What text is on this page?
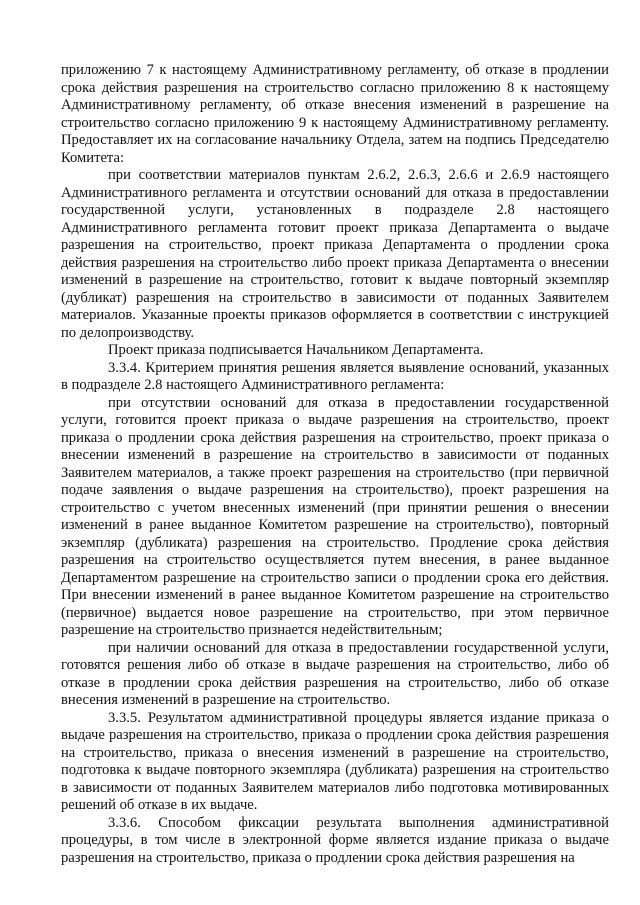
приложению 7 к настоящему Административному регламенту, об отказе в продлении срока действия разрешения на строительство согласно приложению 8 к настоящему Административному регламенту, об отказе внесения изменений в разрешение на строительство согласно приложению 9 к настоящему Административному регламенту. Предоставляет их на согласование начальнику Отдела, затем на подпись Председателю Комитета:

при соответствии материалов пунктам 2.6.2, 2.6.3, 2.6.6 и 2.6.9 настоящего Административного регламента и отсутствии оснований для отказа в предоставлении государственной услуги, установленных в подразделе 2.8 настоящего Административного регламента готовит проект приказа Департамента о выдаче разрешения на строительство, проект приказа Департамента о продлении срока действия разрешения на строительство либо проект приказа Департамента о внесении изменений в разрешение на строительство, готовит к выдаче повторный экземпляр (дубликат) разрешения на строительство в зависимости от поданных Заявителем материалов. Указанные проекты приказов оформляется в соответствии с инструкцией по делопроизводству.

Проект приказа подписывается Начальником Департамента.

3.3.4. Критерием принятия решения является выявление оснований, указанных в подразделе 2.8 настоящего Административного регламента:

при отсутствии оснований для отказа в предоставлении государственной услуги, готовится проект приказа о выдаче разрешения на строительство, проект приказа о продлении срока действия разрешения на строительство, проект приказа о внесении изменений в разрешение на строительство в зависимости от поданных Заявителем материалов, а также проект разрешения на строительство (при первичной подаче заявления о выдаче разрешения на строительство), проект разрешения на строительство с учетом внесенных изменений (при принятии решения о внесении изменений в ранее выданное Комитетом разрешение на строительство), повторный экземпляр (дубликата) разрешения на строительство. Продление срока действия разрешения на строительство осуществляется путем внесения, в ранее выданное Департаментом разрешение на строительство записи о продлении срока его действия. При внесении изменений в ранее выданное Комитетом разрешение на строительство (первичное) выдается новое разрешение на строительство, при этом первичное разрешение на строительство признается недействительным;

при наличии оснований для отказа в предоставлении государственной услуги, готовятся решения либо об отказе в выдаче разрешения на строительство, либо об отказе в продлении срока действия разрешения на строительство, либо об отказе внесения изменений в разрешение на строительство.

3.3.5. Результатом административной процедуры является издание приказа о выдаче разрешения на строительство, приказа о продлении срока действия разрешения на строительство, приказа о внесения изменений в разрешение на строительство, подготовка к выдаче повторного экземпляра (дубликата) разрешения на строительство в зависимости от поданных Заявителем материалов либо подготовка мотивированных решений об отказе в их выдаче.

3.3.6. Способом фиксации результата выполнения административной процедуры, в том числе в электронной форме является издание приказа о выдаче разрешения на строительство, приказа о продлении срока действия разрешения на
